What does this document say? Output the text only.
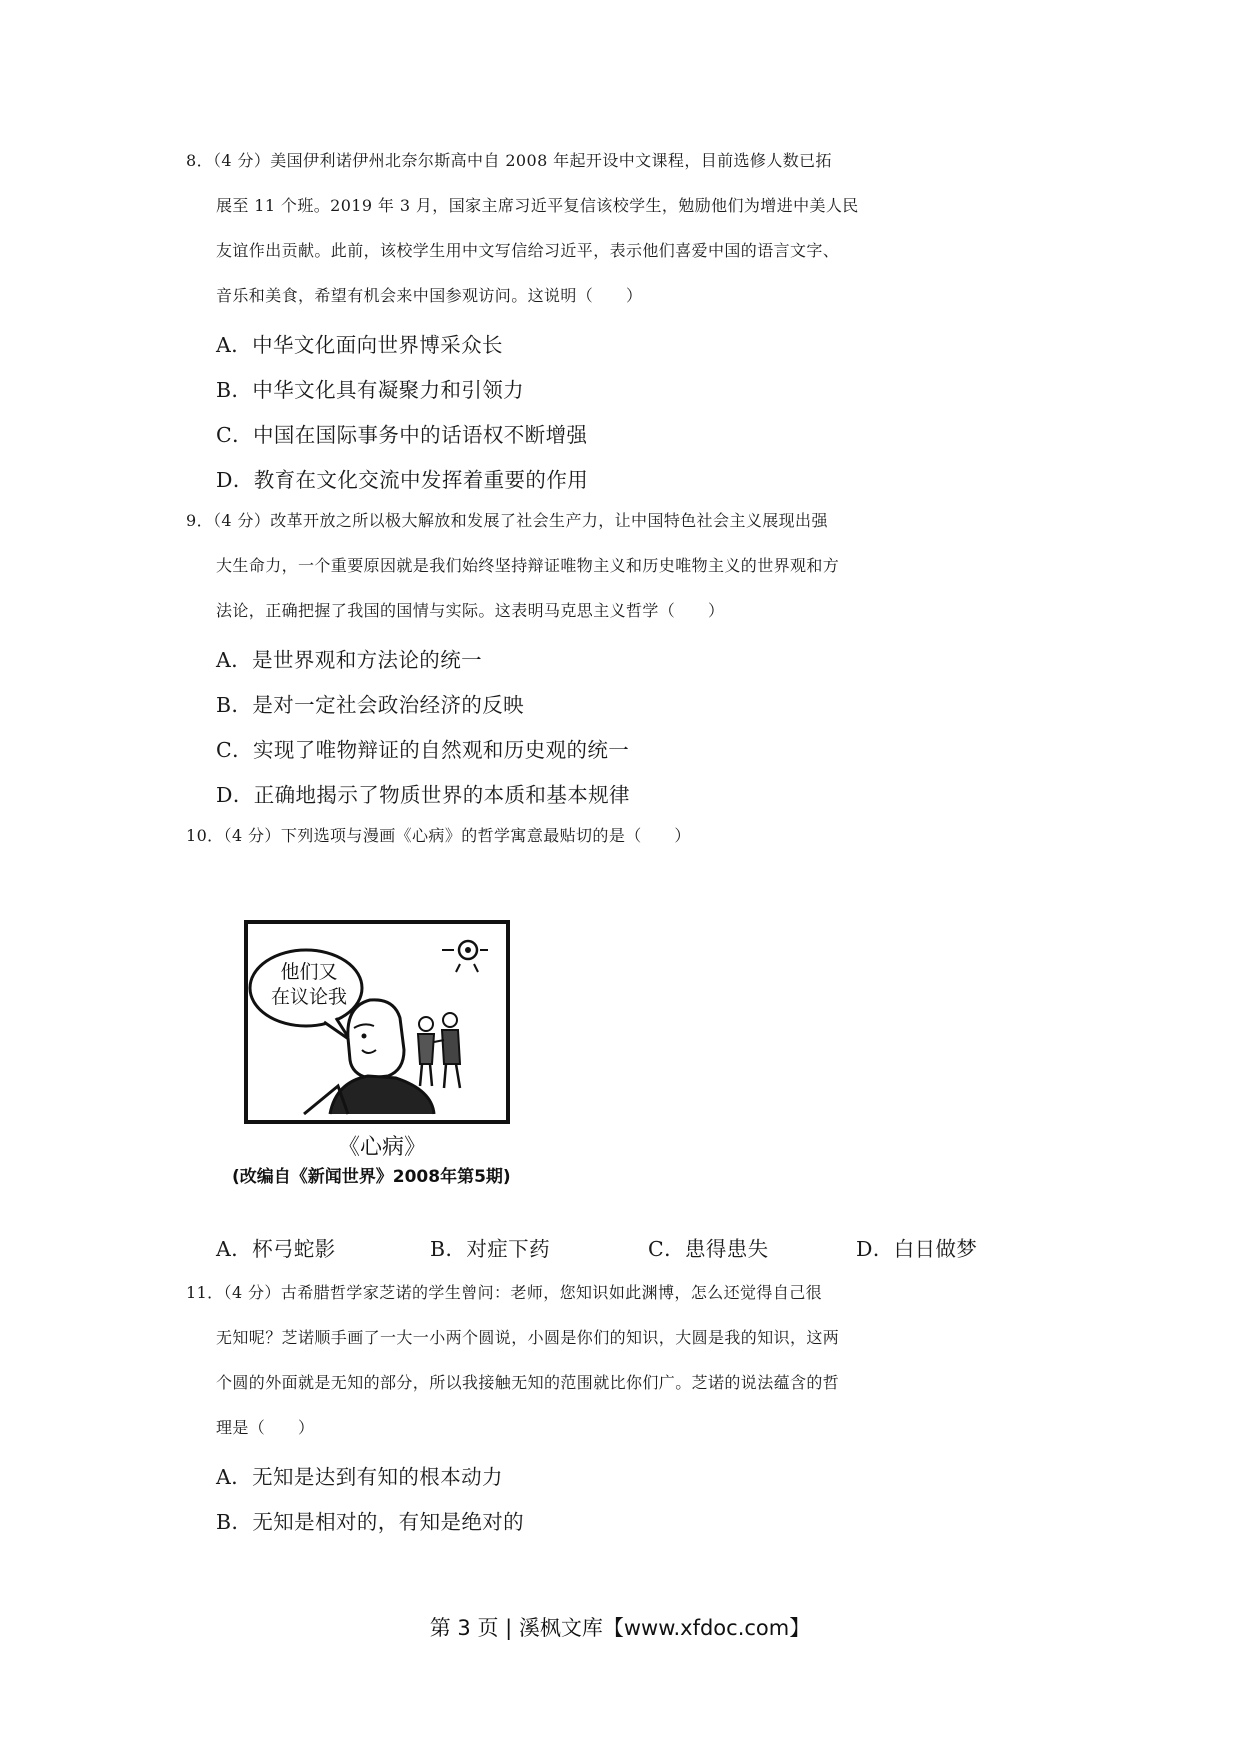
8．（4 分）美国伊利诺伊州北奈尔斯高中自 2008 年起开设中文课程，目前选修人数已拓
展至 11 个班。2019 年 3 月，国家主席习近平复信该校学生，勉励他们为增进中美人民
友谊作出贡献。此前，该校学生用中文写信给习近平，表示他们喜爱中国的语言文字、
音乐和美食，希望有机会来中国参观访问。这说明（　　）
A．中华文化面向世界博采众长
B．中华文化具有凝聚力和引领力
C．中国在国际事务中的话语权不断增强
D．教育在文化交流中发挥着重要的作用
9．（4 分）改革开放之所以极大解放和发展了社会生产力，让中国特色社会主义展现出强
大生命力，一个重要原因就是我们始终坚持辩证唯物主义和历史唯物主义的世界观和方
法论，正确把握了我国的国情与实际。这表明马克思主义哲学（　　）
A．是世界观和方法论的统一
B．是对一定社会政治经济的反映
C．实现了唯物辩证的自然观和历史观的统一
D．正确地揭示了物质世界的本质和基本规律
10．（4 分）下列选项与漫画《心病》的哲学寓意最贴切的是（　　）
他们又
在议论我
《心病》
(改编自《新闻世界》2008年第5期)
A．杯弓蛇影	B．对症下药	C．患得患失	D．白日做梦
11．（4 分）古希腊哲学家芝诺的学生曾问：老师，您知识如此渊博，怎么还觉得自己很
无知呢？芝诺顺手画了一大一小两个圆说，小圆是你们的知识，大圆是我的知识，这两
个圆的外面就是无知的部分，所以我接触无知的范围就比你们广。芝诺的说法蕴含的哲
理是（　　）
A．无知是达到有知的根本动力
B．无知是相对的，有知是绝对的
第 3 页 | 溪枫文库【www.xfdoc.com】
